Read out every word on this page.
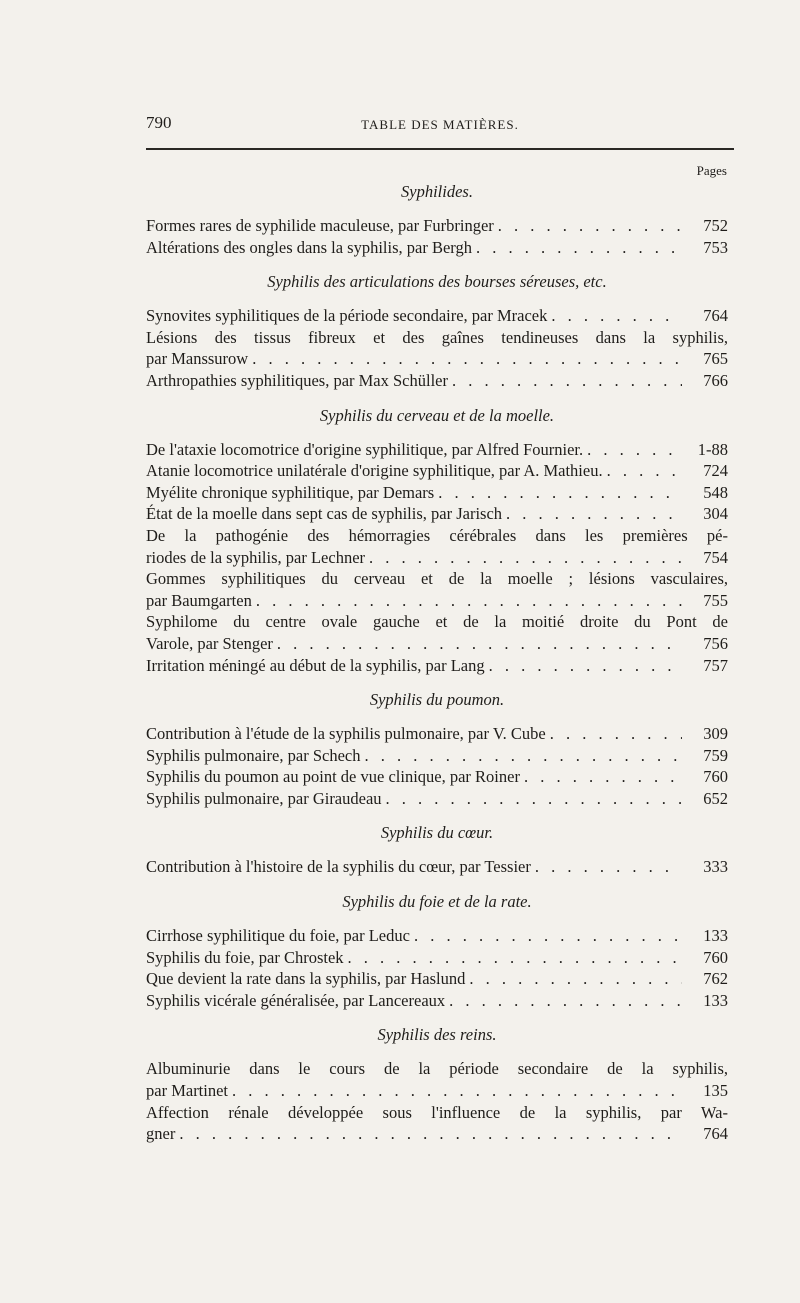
790	TABLE DES MATIÈRES.
Pages
Syphilides.
Formes rares de syphilide maculeuse, par Furbringer . . .	752
Altérations des ongles dans la syphilis, par Bergh . . .	753
Syphilis des articulations des bourses séreuses, etc.
Synovites syphilitiques de la période secondaire, par Mracek . . .	764
Lésions des tissus fibreux et des gaînes tendineuses dans la syphilis,
par Manssurow . . .	765
Arthropathies syphilitiques, par Max Schüller . . .	766
Syphilis du cerveau et de la moelle.
De l'ataxie locomotrice d'origine syphilitique, par Alfred Fournier. . . .	1-88
Atanie locomotrice unilatérale d'origine syphilitique, par A. Mathieu. . . .	724
Myélite chronique syphilitique, par Demars . . .	548
État de la moelle dans sept cas de syphilis, par Jarisch . . .	304
De la pathogénie des hémorragies cérébrales dans les premières pé-
riodes de la syphilis, par Lechner . . .	754
Gommes syphilitiques du cerveau et de la moelle ; lésions vasculaires,
par Baumgarten . . .	755
Syphilome du centre ovale gauche et de la moitié droite du Pont de
Varole, par Stenger . . .	756
Irritation méningé au début de la syphilis, par Lang . . .	757
Syphilis du poumon.
Contribution à l'étude de la syphilis pulmonaire, par V. Cube . . .	309
Syphilis pulmonaire, par Schech . . .	759
Syphilis du poumon au point de vue clinique, par Roiner . . .	760
Syphilis pulmonaire, par Giraudeau . . .	652
Syphilis du cœur.
Contribution à l'histoire de la syphilis du cœur, par Tessier . . .	333
Syphilis du foie et de la rate.
Cirrhose syphilitique du foie, par Leduc . . .	133
Syphilis du foie, par Chrostek . . .	760
Que devient la rate dans la syphilis, par Haslund . . .	762
Syphilis vicérale généralisée, par Lancereaux . . .	133
Syphilis des reins.
Albuminurie dans le cours de la période secondaire de la syphilis,
par Martinet . . .	135
Affection rénale développée sous l'influence de la syphilis, par Wa-
gner . . .	764
